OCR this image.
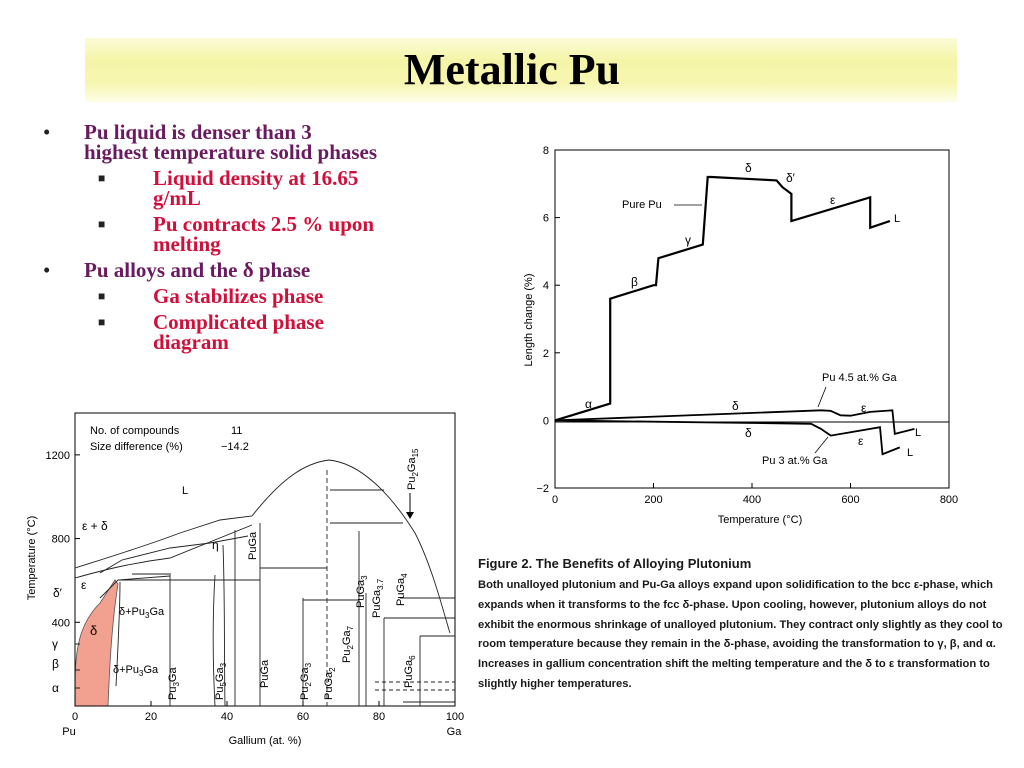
Metallic Pu
• Pu liquid is denser than 3 highest temperature solid phases
■ Liquid density at 16.65 g/mL
■ Pu contracts 2.5 % upon melting
• Pu alloys and the δ phase
■ Ga stabilizes phase
■ Complicated phase diagram
0	200	400	600	800
−2
0
2
4
6
8
Temperature (°C)
Length change (%)
α
β
γ
δ
δ′
ε
L
δ	ε
L
δ
ε
L
Pure Pu
Pu 4.5 at.% Ga
Pu 3 at.% Ga
0	20	40	60	80	100
400
800
1200
No. of compounds	11
Size difference (%)	−14.2
L
ε + δ
η
ε
δ′
δ
$\delta+Pu_3Ga$
$\delta+Pu_3Ga$
γ
β
α	$Pu_3Ga$
$Pu_5Ga_3$	PuGa
PuGa
$Pu_2Ga_3$
PuGa$_2$
$Pu_2Ga_7$
PuGa$_3$
PuGa$_{3.7}$ PuGa$_4$
PuGa$_6$
$Pu_2Ga_{15}$
Gallium (at. %)
Temperature (°C)
Pu	Ga
Figure 2. The Benefits of Alloying Plutonium
Both unalloyed plutonium and Pu-Ga alloys expand upon solidification to the bcc ε-phase, which expands when it transforms to the fcc δ-phase. Upon cooling, however, plutonium alloys do not exhibit the enormous shrinkage of unalloyed plutonium. They contract only slightly as they cool to room temperature because they remain in the δ-phase, avoiding the transformation to γ, β, and α. Increases in gallium concentration shift the melting temperature and the δ to ε transformation to slightly higher temperatures.
